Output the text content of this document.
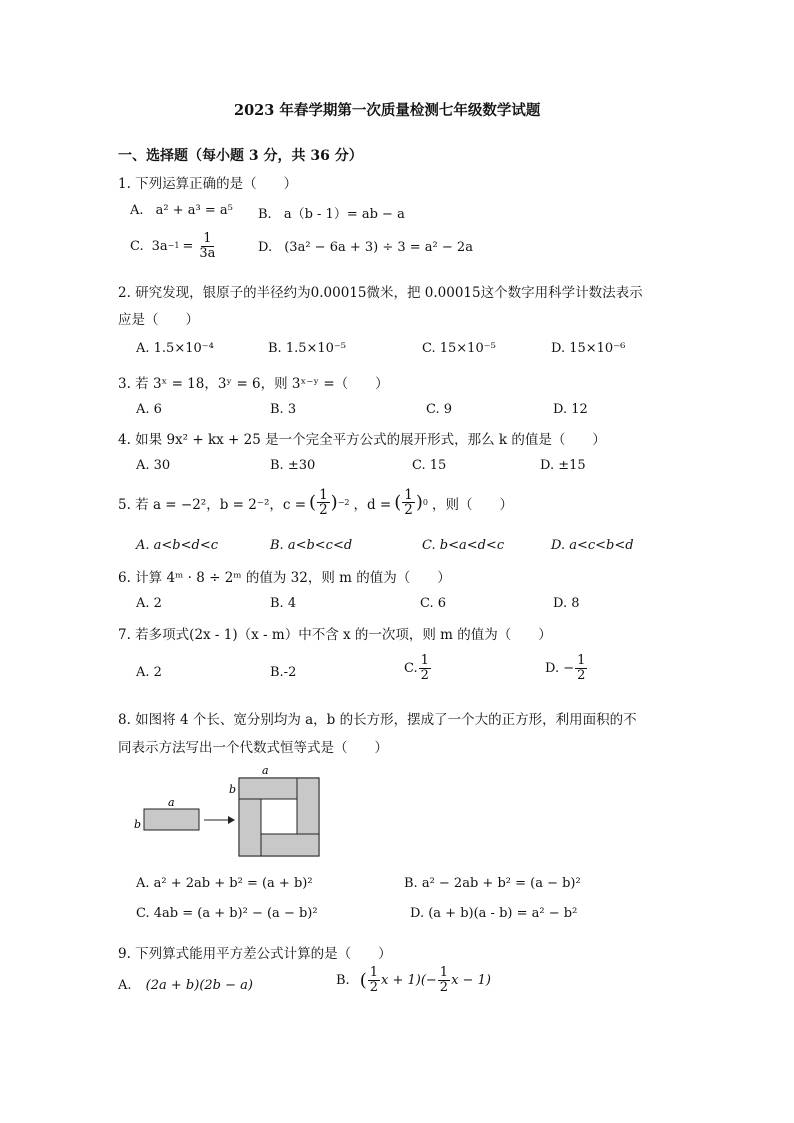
2023 年春学期第一次质量检测七年级数学试题
一、选择题（每小题 3 分，共 36 分）
1. 下列运算正确的是（　　）
A. a² + a³ = a⁵ B. a（b - 1）= ab − a
C. $3a -1 = \frac{1}{3a}$	D. (3a² − 6a + 3) ÷ 3 = a² − 2a
2. 研究发现，银原子的半径约为0.00015微米，把 0.00015这个数字用科学计数法表示
应是（　　）
A. 1.5×10⁻⁴	B. 1.5×10⁻⁵	C. 15×10⁻⁵	D. 15×10⁻⁶
3. 若 3ˣ = 18，3ʸ = 6，则 3ˣ⁻ʸ =（　　）
A. 6	B. 3	C. 9	D. 12
4. 如果 9x² + kx + 25 是一个完全平方公式的展开形式，那么 k 的值是（　　）
A. 30	B. ±30	C. 15	D. ±15
5. 若 a = −2²，b = 2⁻²，c = ( $\frac{1}{2}$ ) −2 ，d = ( $\frac{1}{2}$ ) 0 ，则（　　）
A. a<b<d<c	B. a<b<c<d	C. b<a<d<c	D. a<c<b<d
6. 计算 4ᵐ · 8 ÷ 2ᵐ 的值为 32，则 m 的值为（　　）
A. 2	B. 4	C. 6	D. 8
7. 若多项式(2x - 1)（x - m）中不含 x 的一次项，则 m 的值为（　　）
A. 2	B.-2	C. $\frac{1}{2}$	D. − $\frac{1}{2}$
8. 如图将 4 个长、宽分别均为 a，b 的长方形，摆成了一个大的正方形，利用面积的不
同表示方法写出一个代数式恒等式是（　　）
a
b
a
b
A. a² + 2ab + b² = (a + b)²	B. a² − 2ab + b² = (a − b)²
C. 4ab = (a + b)² − (a − b)²	D. (a + b)(a - b) = a² − b²
9. 下列算式能用平方差公式计算的是（　　）
A. (2a + b)(2b − a)	B. ( $\frac{1}{2}$ $x + 1)(- \frac{1}{2}$ x − 1)
